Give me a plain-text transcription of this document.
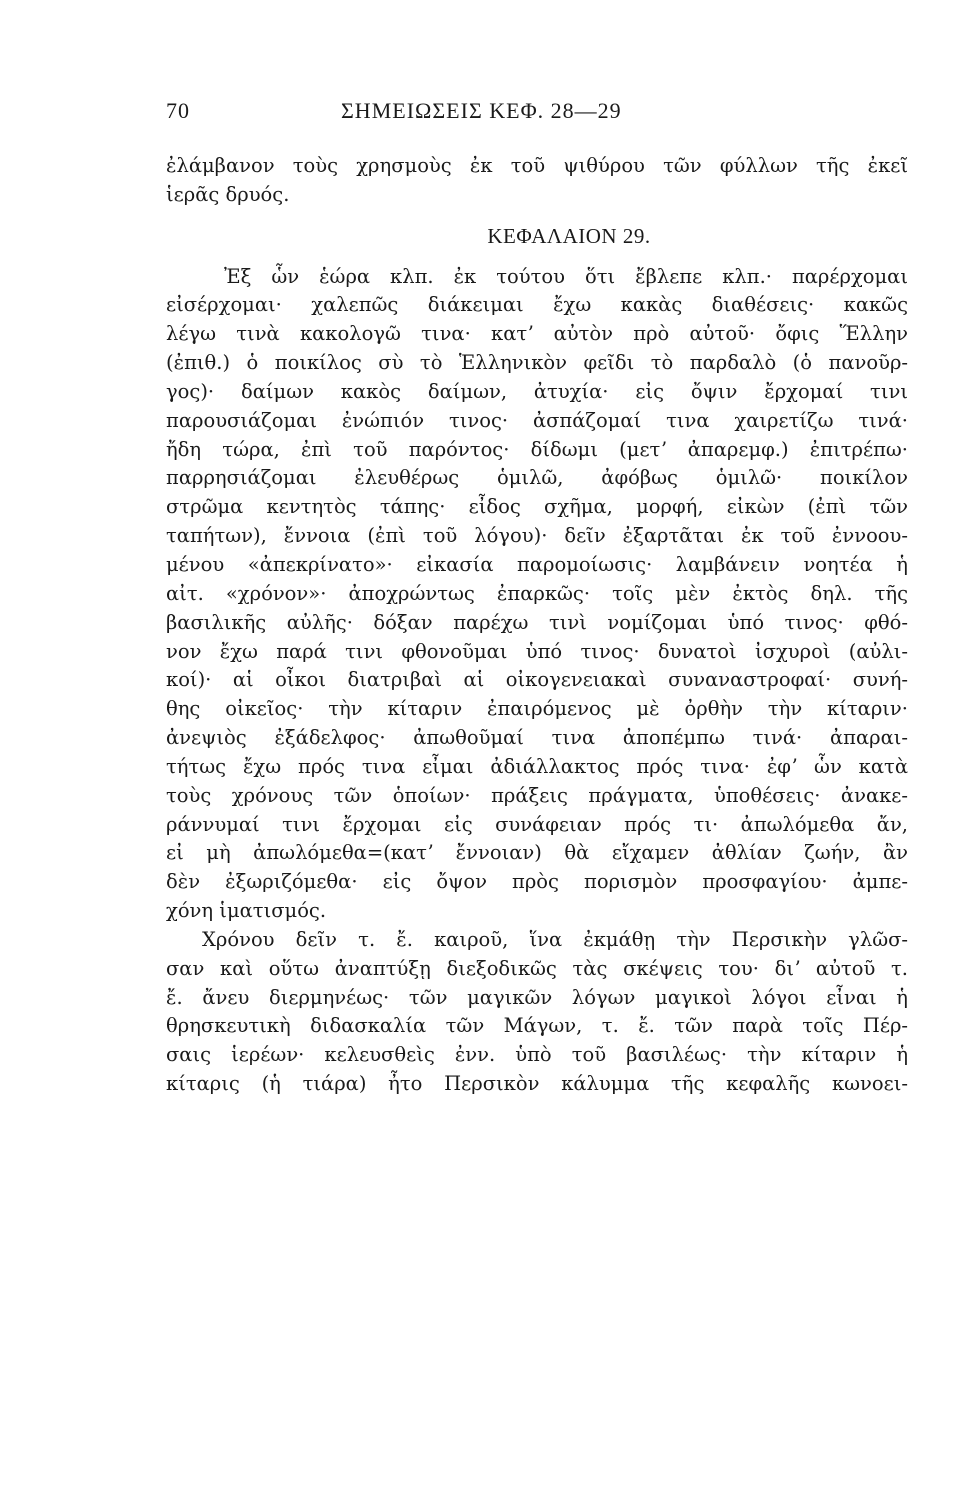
70	ΣΗΜΕΙΩΣΕΙΣ ΚΕΦ. 28—29
ἐλάμβανον τοὺς χρησμοὺς ἐκ τοῦ ψιθύρου τῶν φύλλων τῆς ἐκεῖ
ἱερᾶς δρυός.
ΚΕΦΑΛΑΙΟΝ 29.
Ἐξ ὧν ἑώρα κλπ. ἐκ τούτου ὅτι ἔβλεπε κλπ.· παρέρχομαι
εἰσέρχομαι· χαλεπῶς διάκειμαι ἔχω κακὰς διαθέσεις· κακῶς
λέγω τινὰ κακολογῶ τινα· κατʼ αὐτὸν πρὸ αὐτοῦ· ὄφις Ἕλλην
(ἐπιθ.) ὁ ποικίλος σὺ τὸ Ἑλληνικὸν φεῖδι τὸ παρδαλὸ (ὁ πανοῦρ-
γος)· δαίμων κακὸς δαίμων, ἀτυχία· εἰς ὄψιν ἔρχομαί τινι
παρουσιάζομαι ἐνώπιόν τινος· ἀσπάζομαί τινα χαιρετίζω τινά·
ἤδη τώρα, ἐπὶ τοῦ παρόντος· δίδωμι (μετʼ ἀπαρεμφ.) ἐπιτρέπω·
παρρησιάζομαι ἐλευθέρως ὁμιλῶ, ἀφόβως ὁμιλῶ· ποικίλον
στρῶμα κεντητὸς τάπης· εἶδος σχῆμα, μορφή, εἰκὼν (ἐπὶ τῶν
ταπήτων), ἔννοια (ἐπὶ τοῦ λόγου)· δεῖν ἐξαρτᾶται ἐκ τοῦ ἐννοου-
μένου «ἀπεκρίνατο»· εἰκασία παρομοίωσις· λαμβάνειν νοητέα ἡ
αἰτ. «χρόνον»· ἀποχρώντως ἐπαρκῶς· τοῖς μὲν ἐκτὸς δηλ. τῆς
βασιλικῆς αὐλῆς· δόξαν παρέχω τινὶ νομίζομαι ὑπό τινος· φθό-
νον ἔχω παρά τινι φθονοῦμαι ὑπό τινος· δυνατοὶ ἰσχυροὶ (αὐλι-
κοί)· αἱ οἶκοι διατριβαὶ αἱ οἰκογενειακαὶ συναναστροφαί· συνή-
θης οἰκεῖος· τὴν κίταριν ἐπαιρόμενος μὲ ὀρθὴν τὴν κίταριν·
ἀνεψιὸς ἐξάδελφος· ἀπωθοῦμαί τινα ἀποπέμπω τινά· ἀπαραι-
τήτως ἔχω πρός τινα εἶμαι ἀδιάλλακτος πρός τινα· ἐφʼ ὧν κατὰ
τοὺς χρόνους τῶν ὁποίων· πράξεις πράγματα, ὑποθέσεις· ἀνακε-
ράννυμαί τινι ἔρχομαι εἰς συνάφειαν πρός τι· ἀπωλόμεθα ἄν,
εἰ μὴ ἀπωλόμεθα=(κατʼ ἔννοιαν) θὰ εἴχαμεν ἀθλίαν ζωήν, ἂν
δὲν ἐξωριζόμεθα· εἰς ὄψον πρὸς πορισμὸν προσφαγίου· ἀμπε-
χόνη ἱματισμός.
Χρόνου δεῖν τ. ἔ. καιροῦ, ἵνα ἐκμάθῃ τὴν Περσικὴν γλῶσ-
σαν καὶ οὕτω ἀναπτύξῃ διεξοδικῶς τὰς σκέψεις του· διʼ αὐτοῦ τ.
ἔ. ἄνευ διερμηνέως· τῶν μαγικῶν λόγων μαγικοὶ λόγοι εἶναι ἡ
θρησκευτικὴ διδασκαλία τῶν Μάγων, τ. ἔ. τῶν παρὰ τοῖς Πέρ-
σαις ἱερέων· κελευσθεὶς ἐνν. ὑπὸ τοῦ βασιλέως· τὴν κίταριν ἡ
κίταρις (ἡ τιάρα) ἦτο Περσικὸν κάλυμμα τῆς κεφαλῆς κωνοει-
